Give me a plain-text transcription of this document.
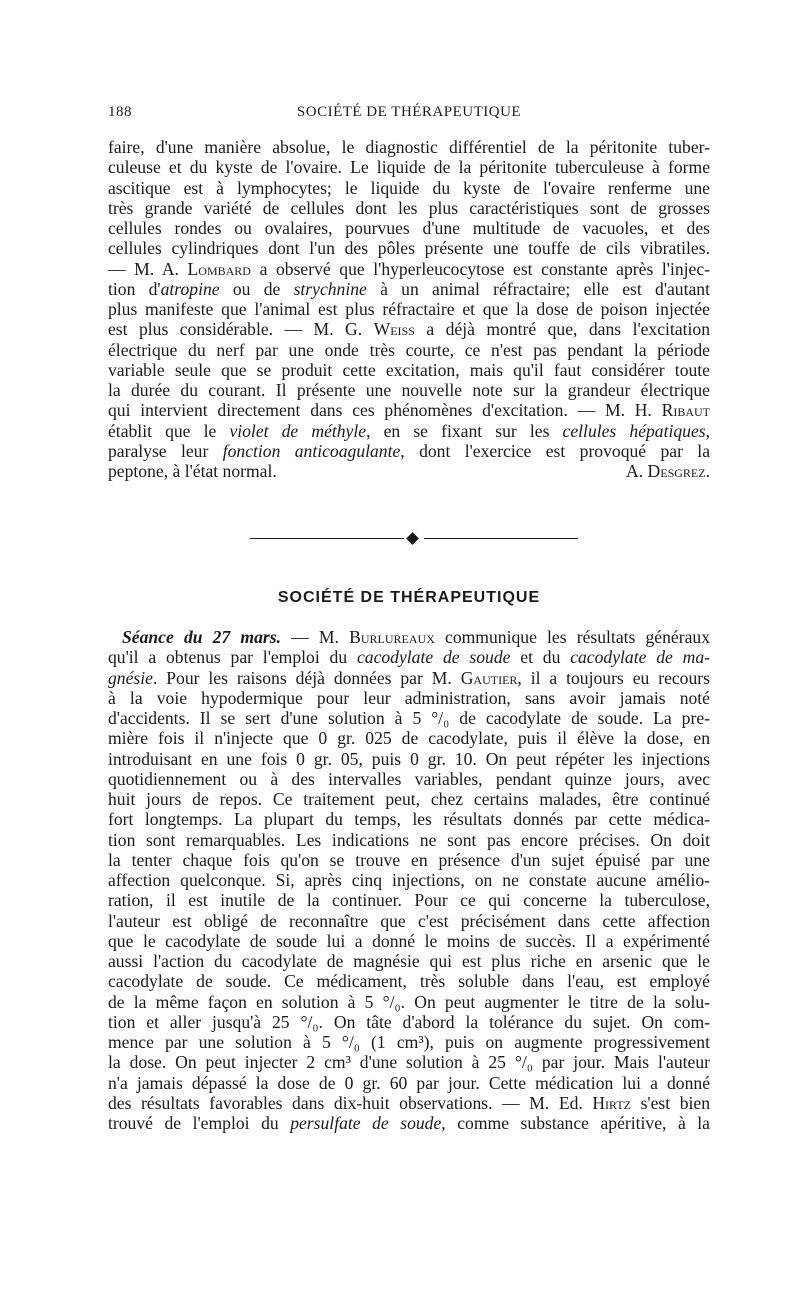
188	SOCIÉTÉ DE THÉRAPEUTIQUE
faire, d'une manière absolue, le diagnostic différentiel de la péritonite tuber-
culeuse et du kyste de l'ovaire. Le liquide de la péritonite tuberculeuse à forme
ascitique est à lymphocytes; le liquide du kyste de l'ovaire renferme une
très grande variété de cellules dont les plus caractéristiques sont de grosses
cellules rondes ou ovalaires, pourvues d'une multitude de vacuoles, et des
cellules cylindriques dont l'un des pôles présente une touffe de cils vibratiles.
— M. A. Lombard a observé que l'hyperleucocytose est constante après l'injec-
tion d'atropine ou de strychnine à un animal réfractaire; elle est d'autant
plus manifeste que l'animal est plus réfractaire et que la dose de poison injectée
est plus considérable. — M. G. Weiss a déjà montré que, dans l'excitation
électrique du nerf par une onde très courte, ce n'est pas pendant la période
variable seule que se produit cette excitation, mais qu'il faut considérer toute
la durée du courant. Il présente une nouvelle note sur la grandeur électrique
qui intervient directement dans ces phénomènes d'excitation. — M. H. Ribaut
établit que le violet de méthyle, en se fixant sur les cellules hépatiques,
paralyse leur fonction anticoagulante, dont l'exercice est provoqué par la
peptone, à l'état normal.	A. Desgrez.
SOCIÉTÉ DE THÉRAPEUTIQUE
Séance du 27 mars. — M. Burlureaux communique les résultats généraux
qu'il a obtenus par l'emploi du cacodylate de soude et du cacodylate de ma-
gnésie. Pour les raisons déjà données par M. Gautier, il a toujours eu recours
à la voie hypodermique pour leur administration, sans avoir jamais noté
d'accidents. Il se sert d'une solution à 5 °/₀ de cacodylate de soude. La pre-
mière fois il n'injecte que 0 gr. 025 de cacodylate, puis il élève la dose, en
introduisant en une fois 0 gr. 05, puis 0 gr. 10. On peut répéter les injections
quotidiennement ou à des intervalles variables, pendant quinze jours, avec
huit jours de repos. Ce traitement peut, chez certains malades, être continué
fort longtemps. La plupart du temps, les résultats donnés par cette médica-
tion sont remarquables. Les indications ne sont pas encore précises. On doit
la tenter chaque fois qu'on se trouve en présence d'un sujet épuisé par une
affection quelconque. Si, après cinq injections, on ne constate aucune amélio-
ration, il est inutile de la continuer. Pour ce qui concerne la tuberculose,
l'auteur est obligé de reconnaître que c'est précisément dans cette affection
que le cacodylate de soude lui a donné le moins de succès. Il a expérimenté
aussi l'action du cacodylate de magnésie qui est plus riche en arsenic que le
cacodylate de soude. Ce médicament, très soluble dans l'eau, est employé
de la même façon en solution à 5 °/₀. On peut augmenter le titre de la solu-
tion et aller jusqu'à 25 °/₀. On tâte d'abord la tolérance du sujet. On com-
mence par une solution à 5 °/₀ (1 cm³), puis on augmente progressivement
la dose. On peut injecter 2 cm³ d'une solution à 25 °/₀ par jour. Mais l'auteur
n'a jamais dépassé la dose de 0 gr. 60 par jour. Cette médication lui a donné
des résultats favorables dans dix-huit observations. — M. Ed. Hirtz s'est bien
trouvé de l'emploi du persulfate de soude, comme substance apéritive, à la
